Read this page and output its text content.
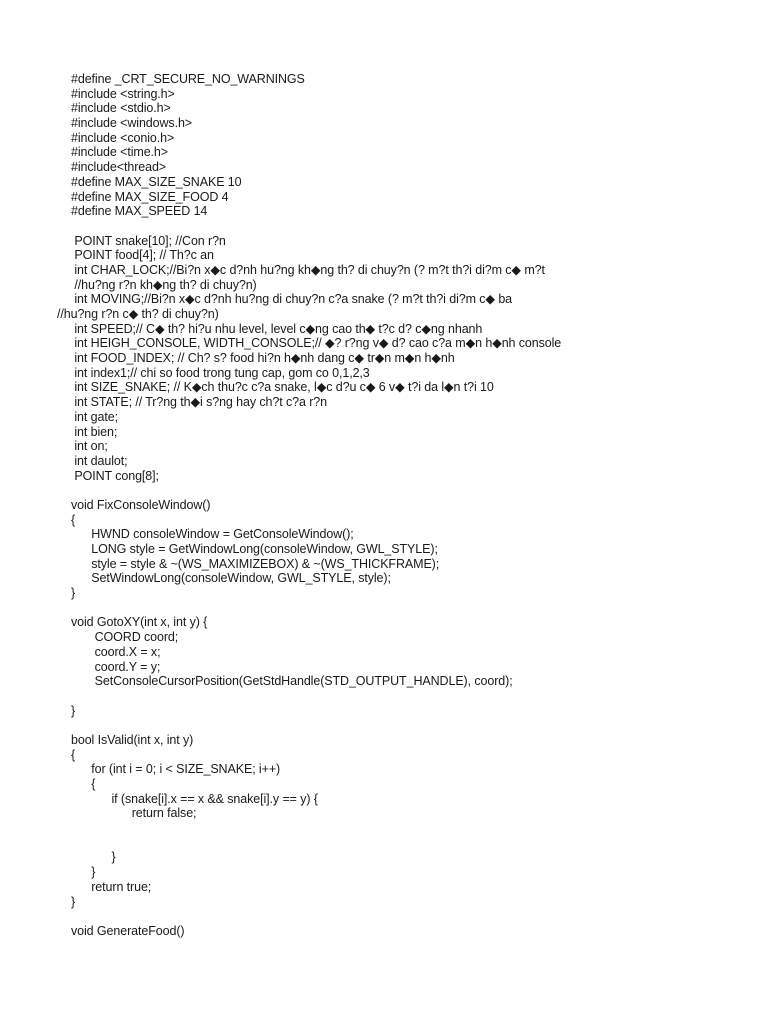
#define _CRT_SECURE_NO_WARNINGS
#include <string.h>
#include <stdio.h>
#include <windows.h>
#include <conio.h>
#include <time.h>
#include<thread>
#define MAX_SIZE_SNAKE 10
#define MAX_SIZE_FOOD 4
#define MAX_SPEED 14
POINT snake[10]; //Con r?n
POINT food[4]; // Th?c an
int CHAR_LOCK;//Bi?n x◆c d?nh hu?ng kh◆ng th? di chuy?n (? m?t th?i di?m c◆ m?t
//hu?ng r?n kh◆ng th? di chuy?n)
int MOVING;//Bi?n x◆c d?nh hu?ng di chuy?n c?a snake (? m?t th?i di?m c◆ ba
//hu?ng r?n c◆ th? di chuy?n)
int SPEED;// C◆ th? hi?u nhu level, level c◆ng cao th◆ t?c d? c◆ng nhanh
int HEIGH_CONSOLE, WIDTH_CONSOLE;// ◆? r?ng v◆ d? cao c?a m◆n h◆nh console
int FOOD_INDEX; // Ch? s? food hi?n h◆nh dang c◆ tr◆n m◆n h◆nh
int index1;// chi so food trong tung cap, gom co 0,1,2,3
int SIZE_SNAKE; // K◆ch thu?c c?a snake, l◆c d?u c◆ 6 v◆ t?i da l◆n t?i 10
int STATE; // Tr?ng th◆i s?ng hay ch?t c?a r?n
int gate;
int bien;
int on;
int daulot;
POINT cong[8];
void FixConsoleWindow()
{
HWND consoleWindow = GetConsoleWindow();
LONG style = GetWindowLong(consoleWindow, GWL_STYLE);
style = style & ~(WS_MAXIMIZEBOX) & ~(WS_THICKFRAME);
SetWindowLong(consoleWindow, GWL_STYLE, style);
}
void GotoXY(int x, int y) {
COORD coord;
coord.X = x;
coord.Y = y;
SetConsoleCursorPosition(GetStdHandle(STD_OUTPUT_HANDLE), coord);
}
bool IsValid(int x, int y)
{
for (int i = 0; i < SIZE_SNAKE; i++)
{
if (snake[i].x == x && snake[i].y == y) {
return false;
}
}
return true;
}
void GenerateFood()
